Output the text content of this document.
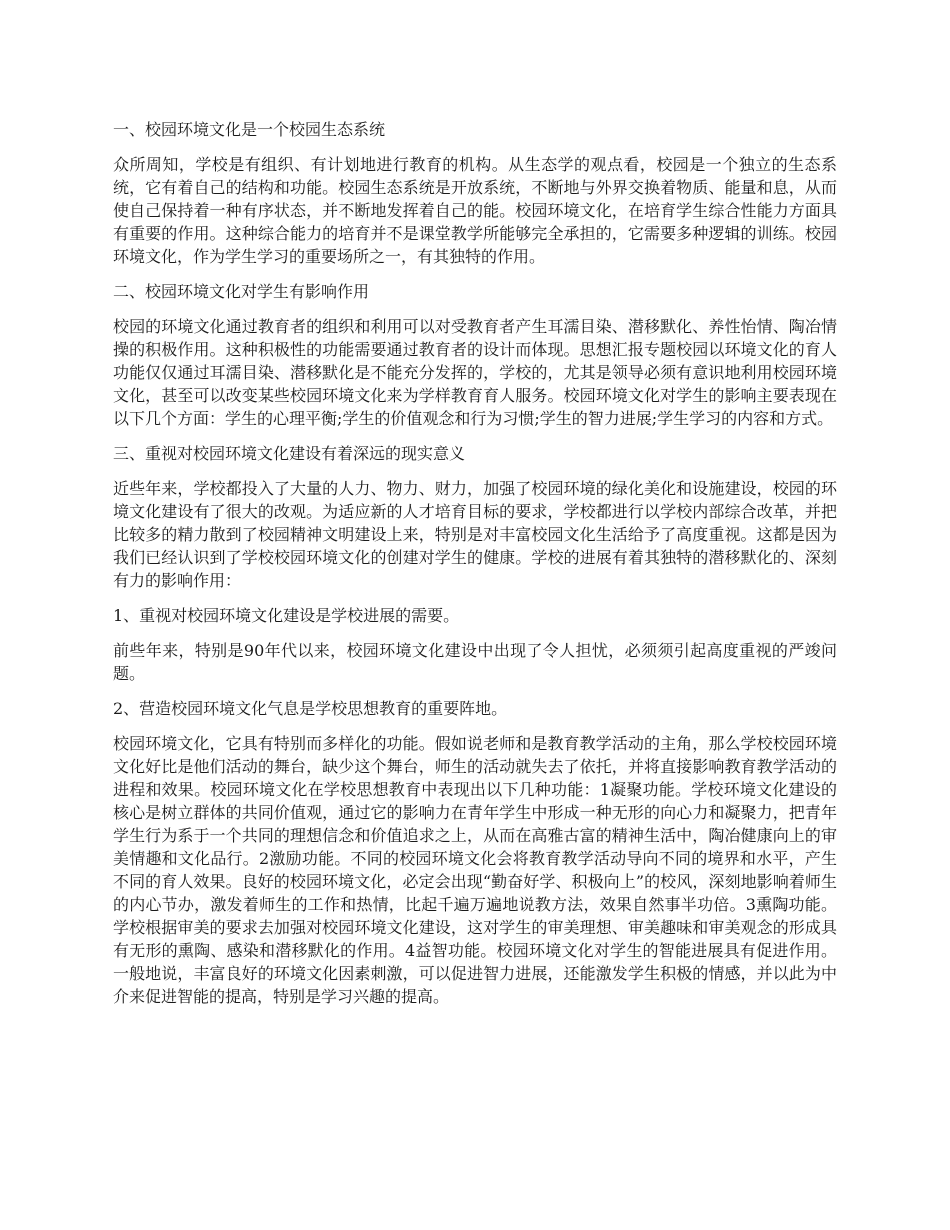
一、校园环境文化是一个校园生态系统

众所周知，学校是有组织、有计划地进行教育的机构。从生态学的观点看，校园是一个独立的生态系统，它有着自己的结构和功能。校园生态系统是开放系统，不断地与外界交换着物质、能量和息，从而使自己保持着一种有序状态，并不断地发挥着自己的能。校园环境文化，在培育学生综合性能力方面具有重要的作用。这种综合能力的培育并不是课堂教学所能够完全承担的，它需要多种逻辑的训练。校园环境文化，作为学生学习的重要场所之一，有其独特的作用。

二、校园环境文化对学生有影响作用

校园的环境文化通过教育者的组织和利用可以对受教育者产生耳濡目染、潜移默化、养性怡情、陶冶情操的积极作用。这种积极性的功能需要通过教育者的设计而体现。思想汇报专题校园以环境文化的育人功能仅仅通过耳濡目染、潜移默化是不能充分发挥的，学校的，尤其是领导必须有意识地利用校园环境文化，甚至可以改变某些校园环境文化来为学样教育育人服务。校园环境文化对学生的影响主要表现在以下几个方面：学生的心理平衡;学生的价值观念和行为习惯;学生的智力进展;学生学习的内容和方式。

三、重视对校园环境文化建设有着深远的现实意义

近些年来，学校都投入了大量的人力、物力、财力，加强了校园环境的绿化美化和设施建设，校园的环境文化建设有了很大的改观。为适应新的人才培育目标的要求，学校都进行以学校内部综合改革，并把比较多的精力散到了校园精神文明建设上来，特别是对丰富校园文化生活给予了高度重视。这都是因为我们已经认识到了学校校园环境文化的创建对学生的健康。学校的进展有着其独特的潜移默化的、深刻有力的影响作用：

1、重视对校园环境文化建设是学校进展的需要。

前些年来，特别是90年代以来，校园环境文化建设中出现了令人担忧，必须须引起高度重视的严竣问题。

2、营造校园环境文化气息是学校思想教育的重要阵地。

校园环境文化，它具有特别而多样化的功能。假如说老师和是教育教学活动的主角，那么学校校园环境文化好比是他们活动的舞台，缺少这个舞台，师生的活动就失去了依托，并将直接影响教育教学活动的进程和效果。校园环境文化在学校思想教育中表现出以下几种功能：1凝聚功能。学校环境文化建设的核心是树立群体的共同价值观，通过它的影响力在青年学生中形成一种无形的向心力和凝聚力，把青年学生行为系于一个共同的理想信念和价值追求之上，从而在高雅古富的精神生活中，陶冶健康向上的审美情趣和文化品行。2激励功能。不同的校园环境文化会将教育教学活动导向不同的境界和水平，产生不同的育人效果。良好的校园环境文化，必定会出现“勤奋好学、积极向上”的校风，深刻地影响着师生的内心节办，激发着师生的工作和热情，比起千遍万遍地说教方法，效果自然事半功倍。3熏陶功能。学校根据审美的要求去加强对校园环境文化建设，这对学生的审美理想、审美趣味和审美观念的形成具有无形的熏陶、感染和潜移默化的作用。4益智功能。校园环境文化对学生的智能进展具有促进作用。一般地说，丰富良好的环境文化因素刺激，可以促进智力进展，还能激发学生积极的情感，并以此为中介来促进智能的提高，特别是学习兴趣的提高。
